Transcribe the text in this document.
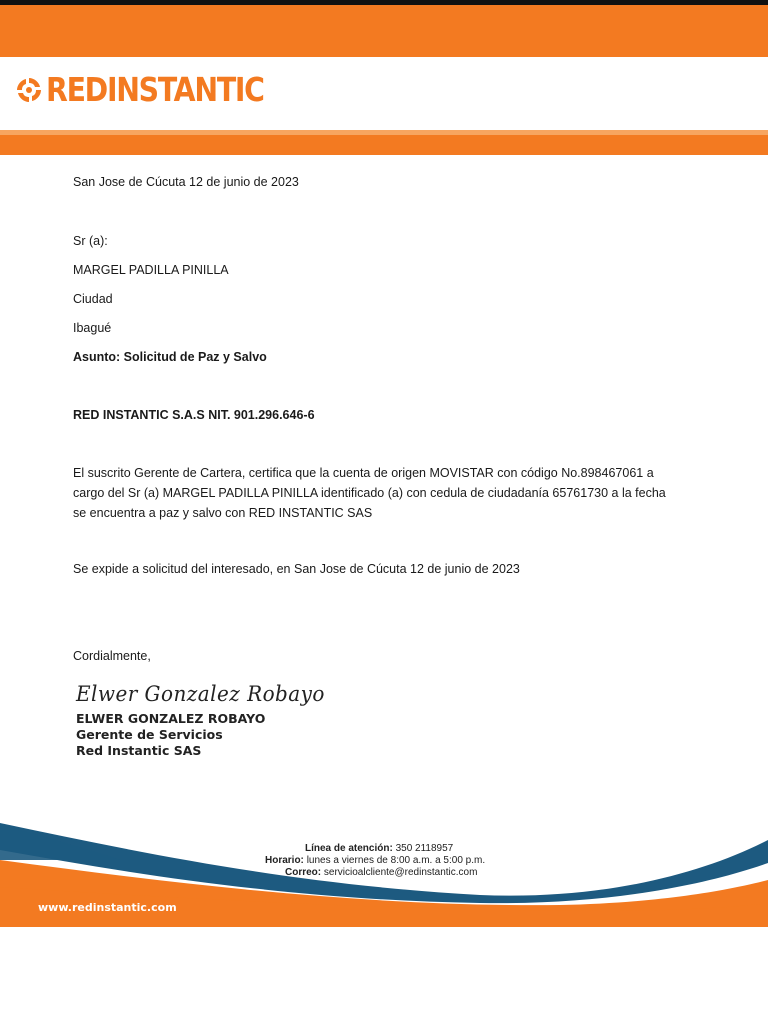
REDINSTANTIC
San Jose de Cúcuta 12 de junio de 2023
Sr (a):
MARGEL PADILLA PINILLA
Ciudad
Ibagué
Asunto: Solicitud de Paz y Salvo
RED INSTANTIC S.A.S NIT. 901.296.646-6
El suscrito Gerente de Cartera, certifica que la cuenta de origen MOVISTAR con código No.898467061 a
cargo del Sr (a) MARGEL PADILLA PINILLA identificado (a) con cedula de ciudadanía 65761730 a la fecha
se encuentra a paz y salvo con RED INSTANTIC SAS
Se expide a solicitud del interesado, en San Jose de Cúcuta 12 de junio de 2023
Cordialmente,
Elwer Gonzalez Robayo
ELWER GONZALEZ ROBAYO
Gerente de Servicios
Red Instantic SAS
Línea de atención: 350 2118957
Horario: lunes a viernes de 8:00 a.m. a 5:00 p.m.
Correo: servicioalcliente@redinstantic.com
www.redinstantic.com
